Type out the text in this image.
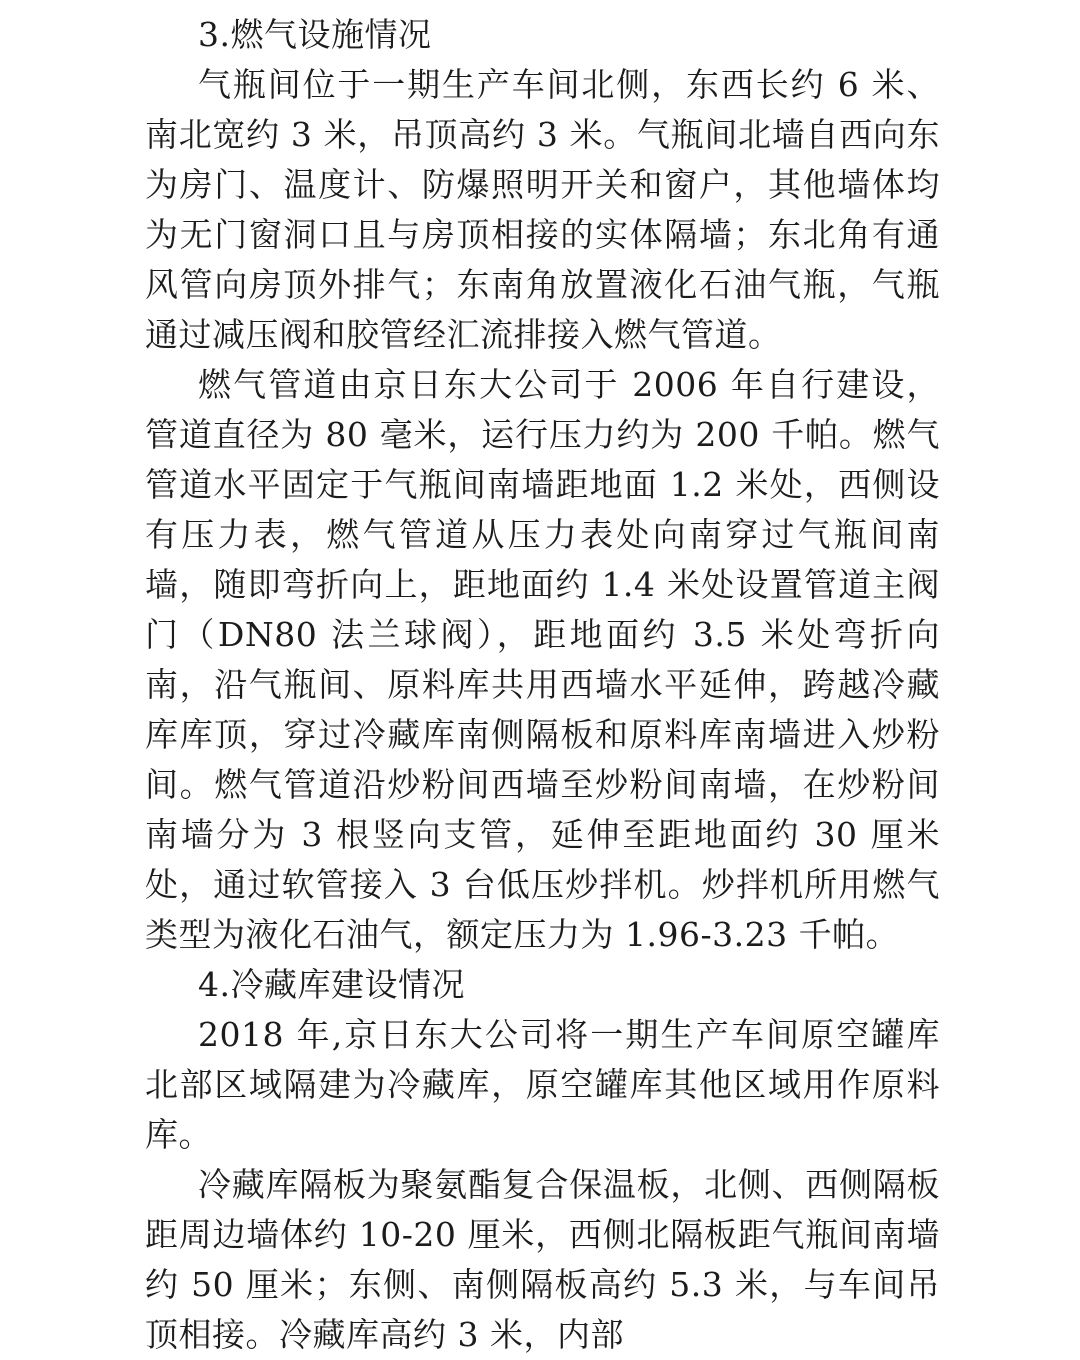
3.燃气设施情况

气瓶间位于一期生产车间北侧，东西长约 6 米、南北宽约 3 米，吊顶高约 3 米。气瓶间北墙自西向东为房门、温度计、防爆照明开关和窗户，其他墙体均为无门窗洞口且与房顶相接的实体隔墙；东北角有通风管向房顶外排气；东南角放置液化石油气瓶，气瓶通过减压阀和胶管经汇流排接入燃气管道。

燃气管道由京日东大公司于 2006 年自行建设，管道直径为 80 毫米，运行压力约为 200 千帕。燃气管道水平固定于气瓶间南墙距地面 1.2 米处，西侧设有压力表，燃气管道从压力表处向南穿过气瓶间南墙，随即弯折向上，距地面约 1.4 米处设置管道主阀门（DN80 法兰球阀），距地面约 3.5 米处弯折向南，沿气瓶间、原料库共用西墙水平延伸，跨越冷藏库库顶，穿过冷藏库南侧隔板和原料库南墙进入炒粉间。燃气管道沿炒粉间西墙至炒粉间南墙，在炒粉间南墙分为 3 根竖向支管，延伸至距地面约 30 厘米处，通过软管接入 3 台低压炒拌机。炒拌机所用燃气类型为液化石油气，额定压力为 1.96-3.23 千帕。

4.冷藏库建设情况

2018 年,京日东大公司将一期生产车间原空罐库北部区域隔建为冷藏库，原空罐库其他区域用作原料库。

冷藏库隔板为聚氨酯复合保温板，北侧、西侧隔板距周边墙体约 10-20 厘米，西侧北隔板距气瓶间南墙约 50 厘米；东侧、南侧隔板高约 5.3 米，与车间吊顶相接。冷藏库高约 3 米，内部
